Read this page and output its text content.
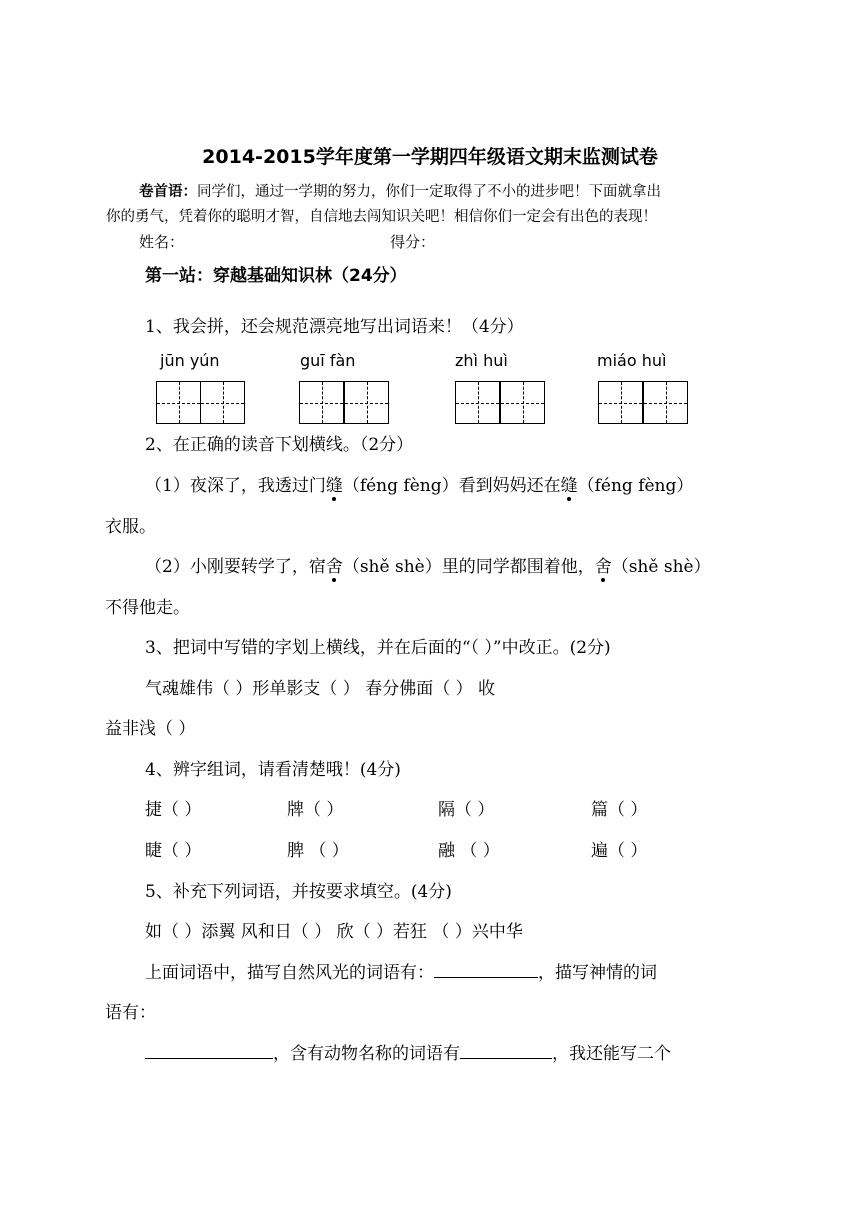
2014-2015学年度第一学期四年级语文期末监测试卷
卷首语：同学们，通过一学期的努力，你们一定取得了不小的进步吧！下面就拿出
你的勇气，凭着你的聪明才智，自信地去闯知识关吧！相信你们一定会有出色的表现！
姓名：	得分：
第一站：穿越基础知识林（24分）
1、我会拼，还会规范漂亮地写出词语来！（4分）
jūn yún	guī fàn	zhì huì	miáo huì
2、在正确的读音下划横线。（2分）
（1）夜深了，我透过门缝（féng fèng）看到妈妈还在缝（féng fèng）
衣服。
（2）小刚要转学了，宿舍（shě shè）里的同学都围着他，舍（shě shè）
不得他走。
3、把词中写错的字划上横线，并在后面的“（ ）”中改正。(2分)
气魂雄伟（ ）形单影支（ ） 春分佛面（ ） 收
益非浅（ ）
4、辨字组词，请看清楚哦！(4分)
捷（ ）	牌（ ）	隔（ ）	篇（ ）
睫（ ）	脾 （ ）	融 （ ）	遍（ ）
5、补充下列词语，并按要求填空。(4分)
如（ ）添翼 风和日（ ） 欣（ ）若狂 （ ）兴中华
上面词语中，描写自然风光的词语有：	，描写神情的词
语有：
，含有动物名称的词语有	，我还能写二个
